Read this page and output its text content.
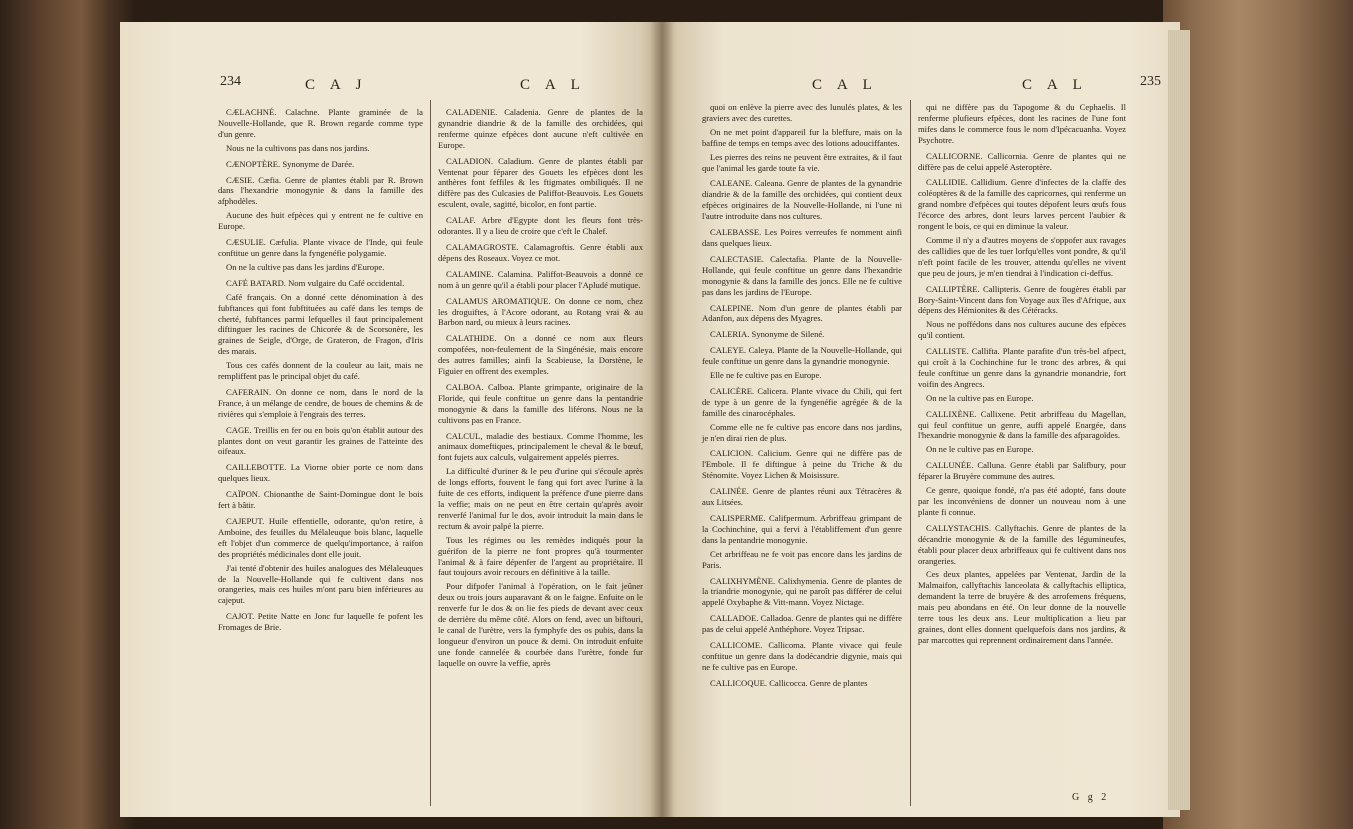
234	C A J	C A L

CÆLACHNÉ. Calachne. Plante graminée de la Nouvelle-Hollande, que R. Brown regarde comme type d'un genre.

Nous ne la cultivons pas dans nos jardins.

CÆNOPTÈRE. Synonyme de Darée.

CÆSIE. Cæfia. Genre de plantes établi par R. Brown dans l'hexandrie monogynie & dans la famille des afphodèles.

Aucune des huit efpèces qui y entrent ne fe cultive en Europe.

CÆSULIE. Cæfulia. Plante vivace de l'Inde, qui feule conftitue un genre dans la fyngenéfie polygamie.

On ne la cultive pas dans les jardins d'Europe.

CAFÉ BATARD. Nom vulgaire du Café occidental.

Café français. On a donné cette dénomination à des fubftances qui font fubftituées au café dans les temps de cherté, fubftances parmi lefquelles il faut principalement diftinguer les racines de Chicorée & de Scorsonère, les graines de Seigle, d'Orge, de Grateron, de Fragon, d'Iris des marais.

Tous ces cafés donnent de la couleur au lait, mais ne rempliffent pas le principal objet du café.

CAFERAIN. On donne ce nom, dans le nord de la France, à un mélange de cendre, de boues de chemins & de rivières qui s'emploie à l'engrais des terres.

CAGE. Treillis en fer ou en bois qu'on établit autour des plantes dont on veut garantir les graines de l'atteinte des oifeaux.

CAILLEBOTTE. La Viorne obier porte ce nom dans quelques lieux.

CAÏPON. Chionanthe de Saint-Domingue dont le bois fert à bâtir.

CAJEPUT. Huile effentielle, odorante, qu'on retire, à Amboine, des feuilles du Mélaleuque bois blanc, laquelle eft l'objet d'un commerce de quelqu'importance, à raifon des propriétés médicinales dont elle jouit.

J'ai tenté d'obtenir des huiles analogues des Mélaleuques de la Nouvelle-Hollande qui fe cultivent dans nos orangeries, mais ces huiles m'ont paru bien inférieures au cajeput.

CAJOT. Petite Natte en Jonc fur laquelle fe pofent les Fromages de Brie.

CALADENIE. Caladenia. Genre de plantes de la gynandrie diandrie & de la famille des orchidées, qui renferme quinze efpèces dont aucune n'eft cultivée en Europe.

CALADION. Caladium. Genre de plantes établi par Ventenat pour féparer des Gouets les efpèces dont les anthères font feffiles & les ftigmates ombiliqués. Il ne diffère pas des Culcasies de Paliffot-Beauvois. Les Gouets esculent, ovale, sagitté, bicolor, en font partie.

CALAF. Arbre d'Egypte dont les fleurs font très-odorantes. Il y a lieu de croire que c'eft le Chalef.

CALAMAGROSTE. Calamagroftis. Genre établi aux dépens des Roseaux. Voyez ce mot.

CALAMINE. Calamina. Paliffot-Beauvois a donné ce nom à un genre qu'il a établi pour placer l'Apludé mutique.

CALAMUS AROMATIQUE. On donne ce nom, chez les droguiftes, à l'Acore odorant, au Rotang vrai & au Barbon nard, ou mieux à leurs racines.

CALATHIDE. On a donné ce nom aux fleurs compofées, non-feulement de la Singénésie, mais encore des autres familles; ainfi la Scabieuse, la Dorstène, le Figuier en offrent des exemples.

CALBOA. Calboa. Plante grimpante, originaire de la Floride, qui feule conftitue un genre dans la pentandrie monogynie & dans la famille des liférons. Nous ne la cultivons pas en France.

CALCUL, maladie des bestiaux. Comme l'homme, les animaux domeftiques, principalement le cheval & le bœuf, font fujets aux calculs, vulgairement appelés pierres.

La difficulté d'uriner & le peu d'urine qui s'écoule après de longs efforts, fouvent le fang qui fort avec l'urine à la fuite de ces efforts, indiquent la préfence d'une pierre dans la veffie; mais on ne peut en être certain qu'après avoir renverfé l'animal fur le dos, avoir introduit la main dans le rectum & avoir palpé la pierre.

Tous les régimes ou les remèdes indiqués pour la guérifon de la pierre ne font propres qu'à tourmenter l'animal & à faire dépenfer de l'argent au propriétaire. Il faut toujours avoir recours en définitive à la taille.

Pour difpofer l'animal à l'opération, on le fait jeûner deux ou trois jours auparavant & on le faigne. Enfuite on le renverfe fur le dos & on lie fes pieds de devant avec ceux de derrière du même côté. Alors on fend, avec un biftouri, le canal de l'urètre, vers la fymphyfe des os pubis, dans la longueur d'environ un pouce & demi. On introduit enfuite une fonde cannelée & courbée dans l'urètre, fonde fur laquelle on ouvre la veffie, après

C A L	C A L	235

quoi on enlève la pierre avec des lunulés plates, & les graviers avec des curettes.

On ne met point d'appareil fur la bleffure, mais on la baffine de temps en temps avec des lotions adouciffantes.

Les pierres des reins ne peuvent être extraites, & il faut que l'animal les garde toute fa vie.

CALEANE. Caleana. Genre de plantes de la gynandrie diandrie & de la famille des orchidées, qui contient deux efpèces originaires de la Nouvelle-Hollande, ni l'une ni l'autre introduite dans nos cultures.

CALEBASSE. Les Poires verreufes fe nomment ainfi dans quelques lieux.

CALECTASIE. Calectafia. Plante de la Nouvelle-Hollande, qui feule conftitue un genre dans l'hexandrie monogynie & dans la famille des joncs. Elle ne fe cultive pas dans les jardins de l'Europe.

CALEPINE. Nom d'un genre de plantes établi par Adanfon, aux dépens des Myagres.

CALERIA. Synonyme de Silené.

CALEYE. Caleya. Plante de la Nouvelle-Hollande, qui feule conftitue un genre dans la gynandrie monogynie.

Elle ne fe cultive pas en Europe.

CALICÈRE. Calicera. Plante vivace du Chili, qui fert de type à un genre de la fyngenéfie agrégée & de la famille des cinarocéphales.

Comme elle ne fe cultive pas encore dans nos jardins, je n'en dirai rien de plus.

CALICION. Calicium. Genre qui ne diffère pas de l'Embole. Il fe diftingue à peine du Triche & du Sténomite. Voyez Lichen & Moisissure.

CALINÉE. Genre de plantes réuni aux Tétracères & aux Litsées.

CALISPERME. Califpermum. Arbriffeau grimpant de la Cochinchine, qui a fervi à l'établiffement d'un genre dans la pentandrie monogynie.

Cet arbriffeau ne fe voit pas encore dans les jardins de Paris.

CALIXHYMÈNE. Calixhymenia. Genre de plantes de la triandrie monogynie, qui ne paroît pas différer de celui appelé Oxybaphe & Vitt-mann. Voyez Nictage.

CALLADOE. Calladoa. Genre de plantes qui ne diffère pas de celui appelé Anthéphore. Voyez Tripsac.

CALLICOME. Callicoma. Plante vivace qui feule conftitue un genre dans la dodécandrie digynie, mais qui ne fe cultive pas en Europe.

CALLICOQUE. Callicocca. Genre de plantes

qui ne diffère pas du Tapogome & du Cephaelis. Il renferme plufieurs efpèces, dont les racines de l'une font mifes dans le commerce fous le nom d'Ipécacuanha. Voyez Psychotre.

CALLICORNE. Callicornia. Genre de plantes qui ne diffère pas de celui appelé Asteroptère.

CALLIDIE. Callidium. Genre d'infectes de la claffe des coléoptères & de la famille des capricornes, qui renferme un grand nombre d'efpèces qui toutes dépofent leurs œufs fous l'écorce des arbres, dont leurs larves percent l'aubier & rongent le bois, ce qui en diminue la valeur.

Comme il n'y a d'autres moyens de s'oppofer aux ravages des callidies que de les tuer lorfqu'elles vont pondre, & qu'il n'eft point facile de les trouver, attendu qu'elles ne vivent que peu de jours, je m'en tiendrai à l'indication ci-deffus.

CALLIPTÈRE. Callipteris. Genre de fougères établi par Bory-Saint-Vincent dans fon Voyage aux îles d'Afrique, aux dépens des Hémionites & des Cétéracks.

Nous ne poffédons dans nos cultures aucune des efpèces qu'il contient.

CALLISTE. Callifta. Plante parafite d'un très-bel afpect, qui croît à la Cochinchine fur le tronc des arbres, & qui feule conftitue un genre dans la gynandrie monandrie, fort voifin des Angrecs.

On ne la cultive pas en Europe.

CALLIXÈNE. Callixene. Petit arbriffeau du Magellan, qui feul conftitue un genre, auffi appelé Enargée, dans l'hexandrie monogynie & dans la famille des afparagoïdes.

On ne le cultive pas en Europe.

CALLUNÉE. Calluna. Genre établi par Salifbury, pour féparer la Bruyère commune des autres.

Ce genre, quoique fondé, n'a pas été adopté, fans doute par les inconvéniens de donner un nouveau nom à une plante fi connue.

CALLYSTACHIS. Callyftachis. Genre de plantes de la décandrie monogynie & de la famille des légumineufes, établi pour placer deux arbriffeaux qui fe cultivent dans nos orangeries.

Ces deux plantes, appelées par Ventenat, Jardin de la Malmaifon, callyftachis lanceolata & callyftachis elliptica, demandent la terre de bruyère & des arrofemens fréquens, mais peu abondans en été. On leur donne de la nouvelle terre tous les deux ans. Leur multiplication a lieu par graines, dont elles donnent quelquefois dans nos jardins, & par marcottes qui reprennent ordinairement dans l'année.

G g 2
